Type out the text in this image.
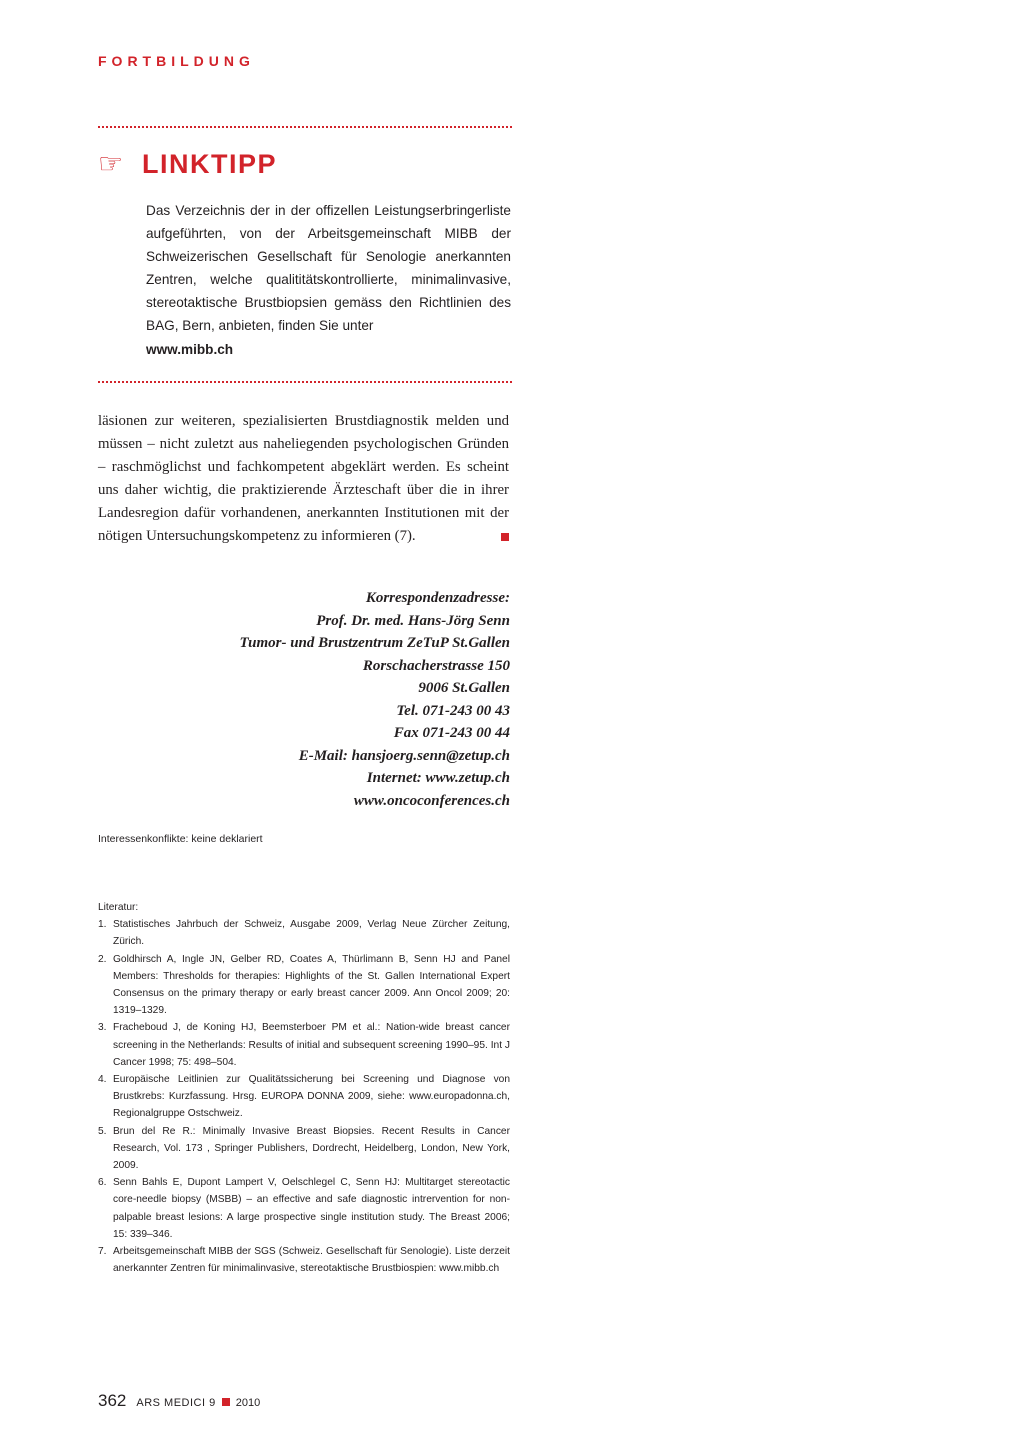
FORTBILDUNG
☞ LINKTIPP
Das Verzeichnis der in der offizellen Leistungserbringerliste aufgeführten, von der Arbeitsgemeinschaft MIBB der Schweizerischen Gesellschaft für Senologie anerkannten Zentren, welche qualititätskontrollierte, minimalinvasive, stereotaktische Brustbiopsien gemäss den Richtlinien des BAG, Bern, anbieten, finden Sie unter
www.mibb.ch
läsionen zur weiteren, spezialisierten Brustdiagnostik melden und müssen – nicht zuletzt aus naheliegenden psychologischen Gründen – raschmöglichst und fachkompetent abgeklärt werden. Es scheint uns daher wichtig, die praktizierende Ärzteschaft über die in ihrer Landesregion dafür vorhandenen, anerkannten Institutionen mit der nötigen Untersuchungskompetenz zu informieren (7).
Korrespondenzadresse:
Prof. Dr. med. Hans-Jörg Senn
Tumor- und Brustzentrum ZeTuP St.Gallen
Rorschacherstrasse 150
9006 St.Gallen
Tel. 071-243 00 43
Fax 071-243 00 44
E-Mail: hansjoerg.senn@zetup.ch
Internet: www.zetup.ch
www.oncoconferences.ch
Interessenkonflikte: keine deklariert
Literatur:
1. Statistisches Jahrbuch der Schweiz, Ausgabe 2009, Verlag Neue Zürcher Zeitung, Zürich.
2. Goldhirsch A, Ingle JN, Gelber RD, Coates A, Thürlimann B, Senn HJ and Panel Members: Thresholds for therapies: Highlights of the St. Gallen International Expert Consensus on the primary therapy or early breast cancer 2009. Ann Oncol 2009; 20: 1319–1329.
3. Fracheboud J, de Koning HJ, Beemsterboer PM et al.: Nation-wide breast cancer screening in the Netherlands: Results of initial and subsequent screening 1990–95. Int J Cancer 1998; 75: 498–504.
4. Europäische Leitlinien zur Qualitätssicherung bei Screening und Diagnose von Brustkrebs: Kurzfassung. Hrsg. EUROPA DONNA 2009, siehe: www.europadonna.ch, Regionalgruppe Ostschweiz.
5. Brun del Re R.: Minimally Invasive Breast Biopsies. Recent Results in Cancer Research, Vol. 173 , Springer Publishers, Dordrecht, Heidelberg, London, New York, 2009.
6. Senn Bahls E, Dupont Lampert V, Oelschlegel C, Senn HJ: Multitarget stereotactic core-needle biopsy (MSBB) – an effective and safe diagnostic intrervention for non-palpable breast lesions: A large prospective single institution study. The Breast 2006; 15: 339–346.
7. Arbeitsgemeinschaft MIBB der SGS (Schweiz. Gesellschaft für Senologie). Liste derzeit anerkannter Zentren für minimalinvasive, stereotaktische Brustbiospien: www.mibb.ch
362 ARS MEDICI 9 2010
